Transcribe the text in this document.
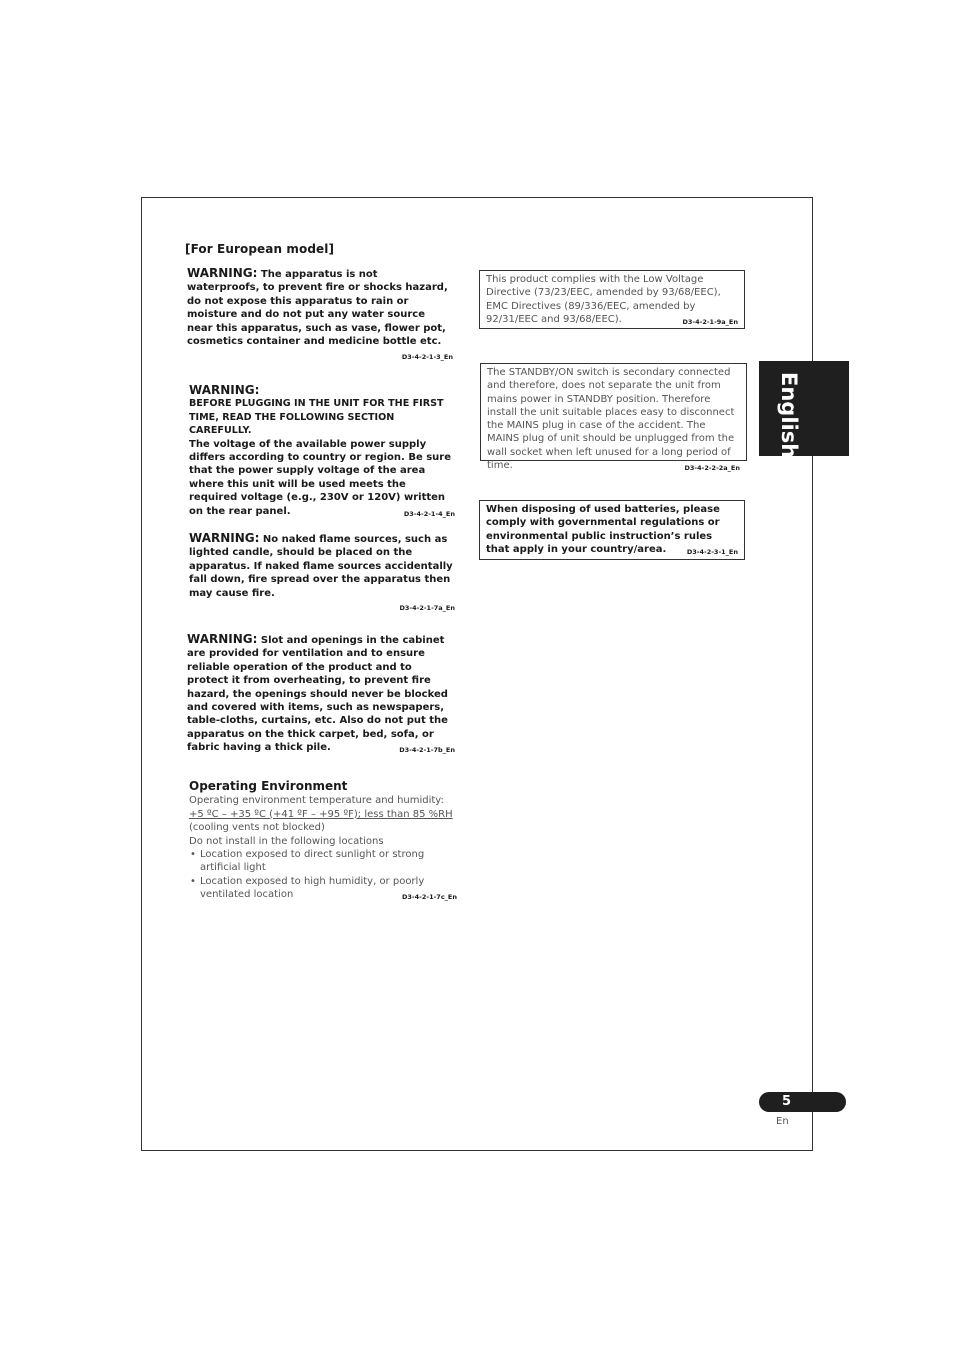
[For European model]
WARNING: The apparatus is not waterproofs, to prevent fire or shocks hazard, do not expose this apparatus to rain or moisture and do not put any water source near this apparatus, such as vase, flower pot, cosmetics container and medicine bottle etc.
D3-4-2-1-3_En
WARNING:
BEFORE PLUGGING IN THE UNIT FOR THE FIRST TIME, READ THE FOLLOWING SECTION CAREFULLY.
The voltage of the available power supply differs according to country or region. Be sure that the power supply voltage of the area where this unit will be used meets the required voltage (e.g., 230V or 120V) written on the rear panel.	D3-4-2-1-4_En
WARNING: No naked flame sources, such as lighted candle, should be placed on the apparatus. If naked flame sources accidentally fall down, fire spread over the apparatus then may cause fire.
D3-4-2-1-7a_En
WARNING: Slot and openings in the cabinet are provided for ventilation and to ensure reliable operation of the product and to protect it from overheating, to prevent fire hazard, the openings should never be blocked and covered with items, such as newspapers, table-cloths, curtains, etc. Also do not put the apparatus on the thick carpet, bed, sofa, or fabric having a thick pile.	D3-4-2-1-7b_En
Operating Environment
Operating environment temperature and humidity:
+5 ºC – +35 ºC (+41 ºF – +95 ºF); less than 85 %RH
(cooling vents not blocked)
Do not install in the following locations
• Location exposed to direct sunlight or strong artificial light
• Location exposed to high humidity, or poorly ventilated location	D3-4-2-1-7c_En
This product complies with the Low Voltage Directive (73/23/EEC, amended by 93/68/EEC), EMC Directives (89/336/EEC, amended by 92/31/EEC and 93/68/EEC).	D3-4-2-1-9a_En
The STANDBY/ON switch is secondary connected and therefore, does not separate the unit from mains power in STANDBY position. Therefore install the unit suitable places easy to disconnect the MAINS plug in case of the accident. The MAINS plug of unit should be unplugged from the wall socket when left unused for a long period of time.	D3-4-2-2-2a_En
When disposing of used batteries, please comply with governmental regulations or environmental public instruction’s rules that apply in your country/area.	D3-4-2-3-1_En
English
5
En
